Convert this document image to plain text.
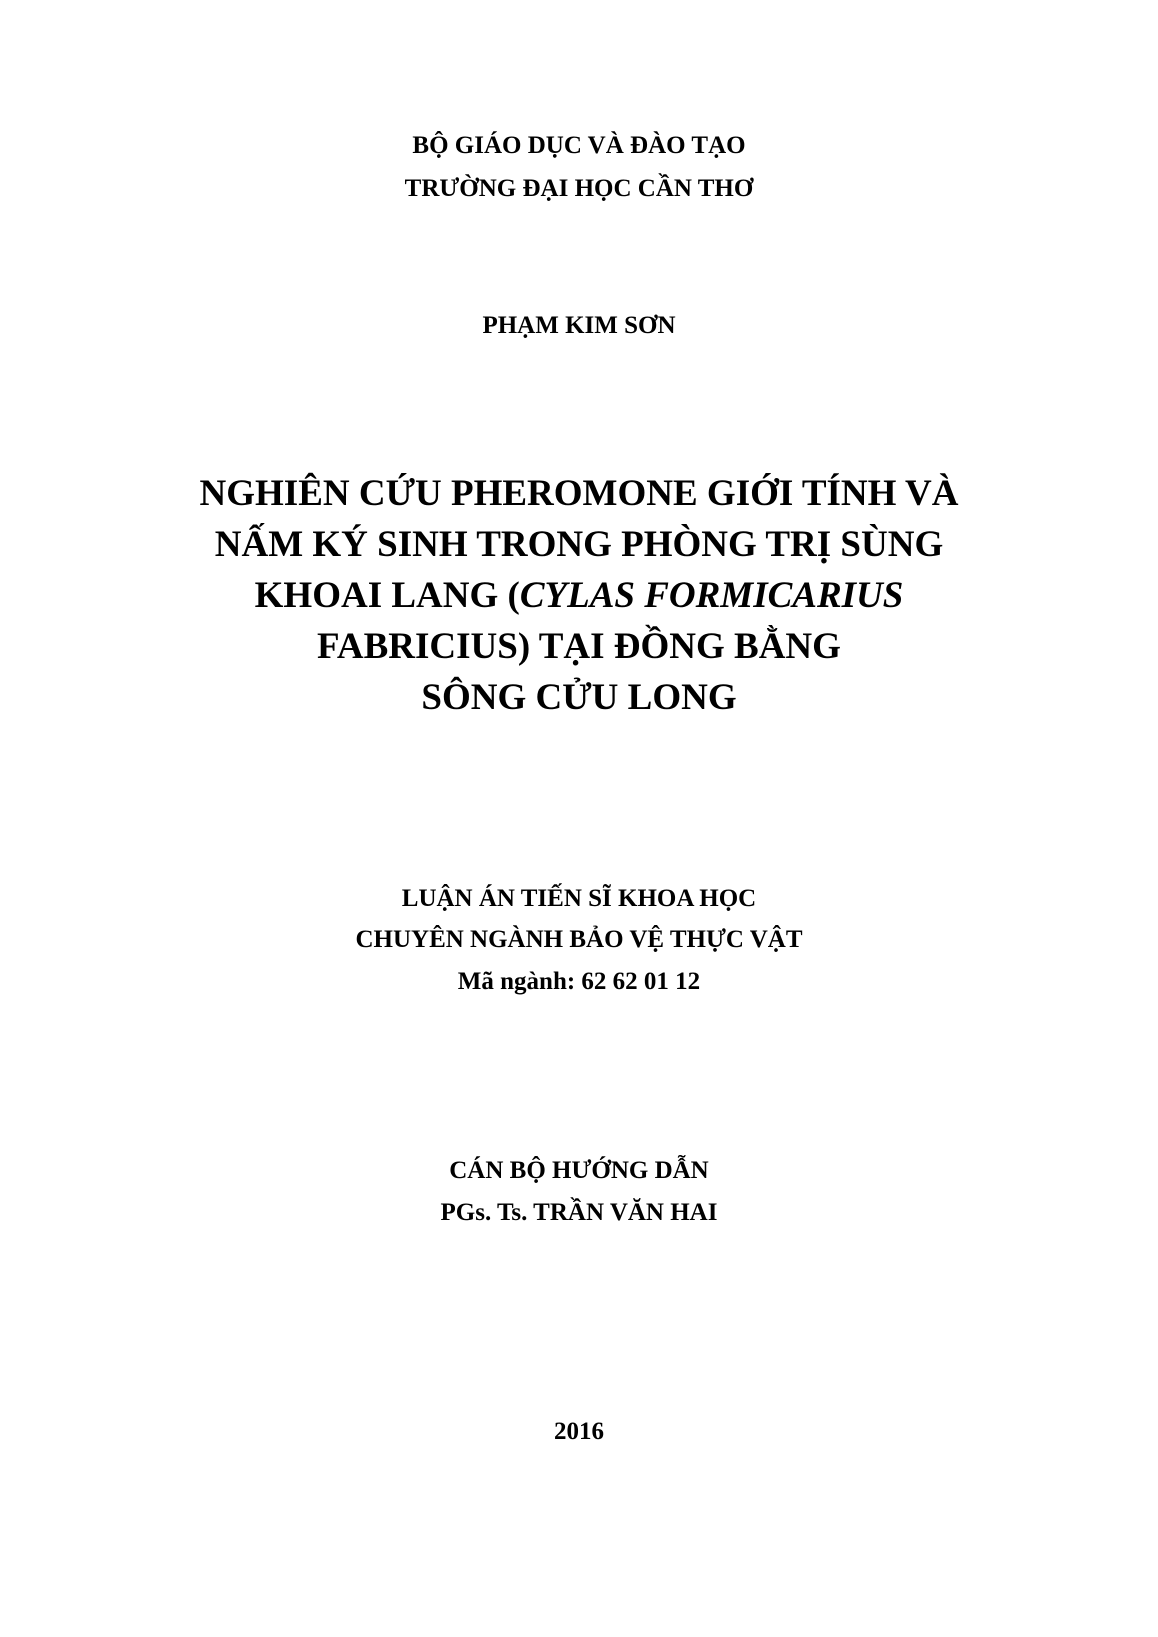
BỘ GIÁO DỤC VÀ ĐÀO TẠO

TRƯỜNG ĐẠI HỌC CẦN THƠ

PHẠM KIM SƠN

NGHIÊN CỨU PHEROMONE GIỚI TÍNH VÀ

NẤM KÝ SINH TRONG PHÒNG TRỊ SÙNG

KHOAI LANG (CYLAS FORMICARIUS

FABRICIUS) TẠI ĐỒNG BẰNG

SÔNG CỬU LONG

LUẬN ÁN TIẾN SĨ KHOA HỌC

CHUYÊN NGÀNH BẢO VỆ THỰC VẬT

Mã ngành: 62 62 01 12

CÁN BỘ HƯỚNG DẪN

PGs. Ts. TRẦN VĂN HAI

2016
